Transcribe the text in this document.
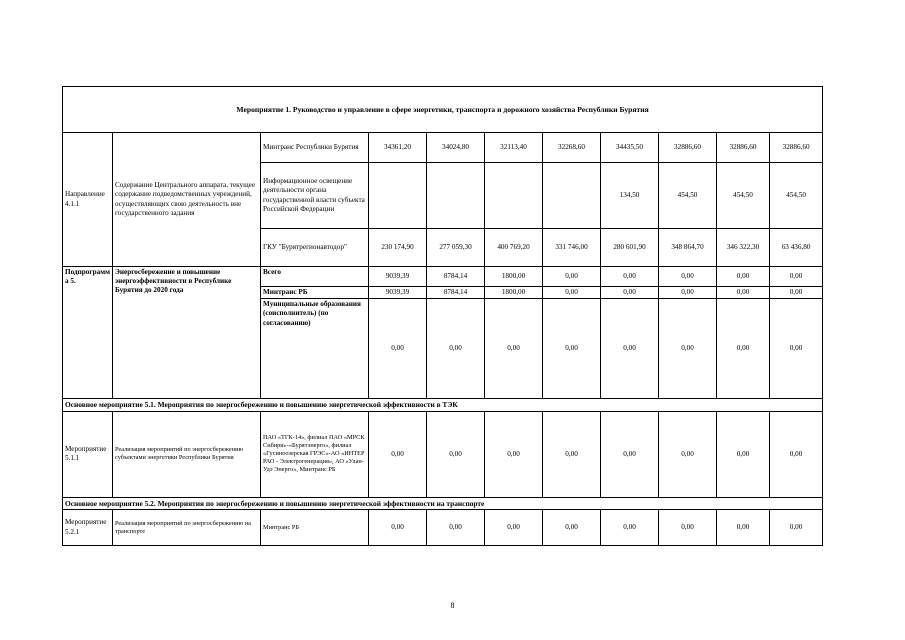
Мероприятие 1. Руководство и управление в сфере энергетики, транспорта и дорожного хозяйства Республики Бурятия										
Направление 4.1.1	Содержание Центрального аппарата, текущее содержание подведомственных учреждений, осуществляющих свою деятельность вне государственного задания	Минтранс Республики Бурятия	34361,20	34024,80	32113,40	32268,60	34435,50	32886,60	32886,60	32886,60
		Информационное освещение деятельности органа государственной власти субъекта Российской Федерации					134,50	454,50	454,50	454,50
		ГКУ "Бурятрегионавтодор"	230 174,90	277 059,30	400 769,20	331 746,00	280 601,90	348 864,70	346 322,30	63 436,80
Подпрограмма 5.	Энергосбережение и повышение энергоэффективности в Республике Бурятия до 2020 года	Всего	9039,39	8784,14	1800,00	0,00	0,00	0,00	0,00	0,00
		Минтранс РБ	9039,39	8784,14	1800,00	0,00	0,00	0,00	0,00	0,00
		Муниципальные образования (соисполнитель) (по согласованию)	0,00	0,00	0,00	0,00	0,00	0,00	0,00	0,00
Основное мероприятие 5.1. Мероприятия по энергосбережению и повышению энергетической эффективности в ТЭК										
Мероприятие 5.1.1	Реализация мероприятий по энергосбережению субъектами энергетики Республики Бурятия	ПАО «ТГК-14», филиал ПАО «МРСК Сибири»-«Бурятэнерго», филиал «Гусиноозерская ГРЭС»-АО «ИНТЕР РАО - Электрогенерация», АО «Улан-Удэ Энерго», Минтранс РБ	0,00	0,00	0,00	0,00	0,00	0,00	0,00	0,00
Основное мероприятие 5.2. Мероприятия по энергосбережению и повышению энергетической эффективности на транспорте										
Мероприятие 5.2.1	Реализация мероприятий по энергосбережению на транспорте	Минтранс РБ	0,00	0,00	0,00	0,00	0,00	0,00	0,00	0,00
8
